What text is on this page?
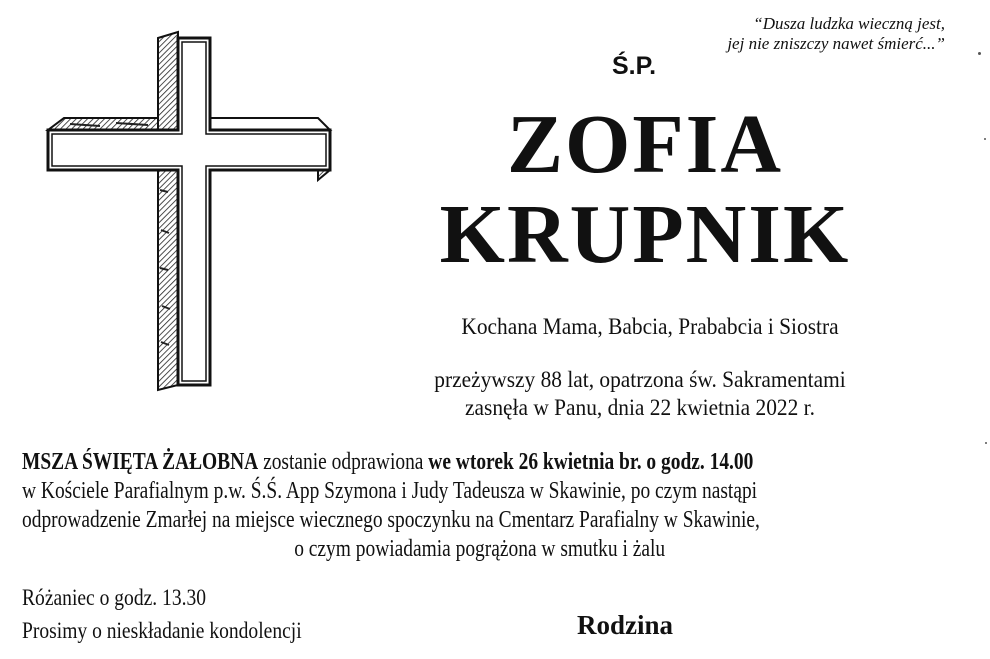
“Dusza ludzka wieczną jest,
jej nie zniszczy nawet śmierć...”
Ś.P.
ZOFIA
KRUPNIK
Kochana Mama, Babcia, Prababcia i Siostra
przeżywszy 88 lat, opatrzona św. Sakramentami
zasnęła w Panu, dnia 22 kwietnia 2022 r.
MSZA ŚWIĘTA ŻAŁOBNA zostanie odprawiona we wtorek 26 kwietnia br. o godz. 14.00
w Kościele Parafialnym p.w. Ś.Ś. App Szymona i Judy Tadeusza w Skawinie, po czym nastąpi
odprowadzenie Zmarłej na miejsce wiecznego spoczynku na Cmentarz Parafialny w Skawinie,
o czym powiadamia pogrążona w smutku i żalu
Różaniec o godz. 13.30
Prosimy o nieskładanie kondolencji	Rodzina
